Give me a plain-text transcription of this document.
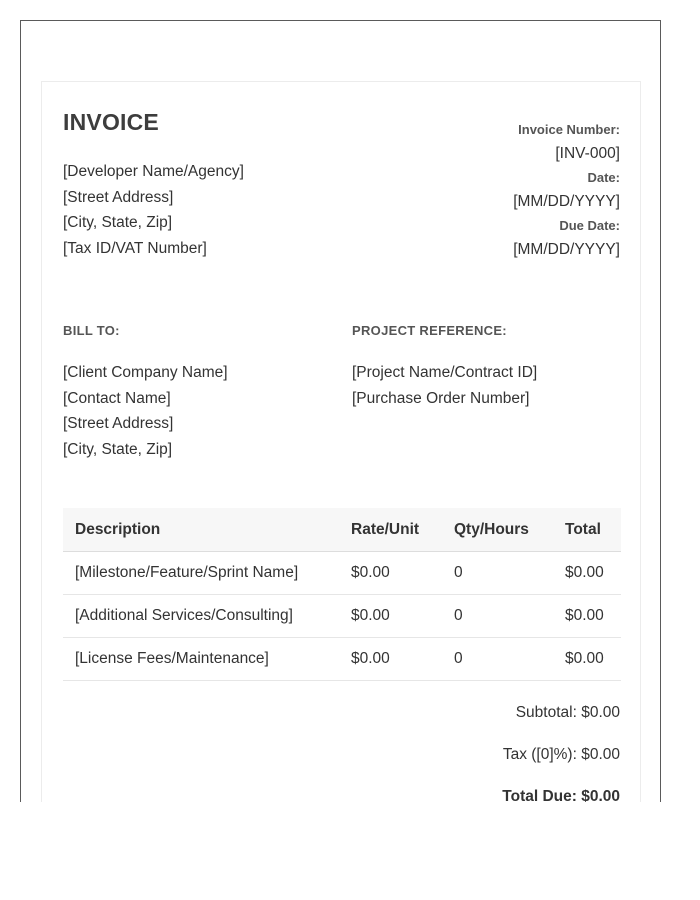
INVOICE
[Developer Name/Agency]
[Street Address]
[City, State, Zip]
[Tax ID/VAT Number]
Invoice Number:
[INV-000]
Date:
[MM/DD/YYYY]
Due Date:
[MM/DD/YYYY]
BILL TO:
[Client Company Name]
[Contact Name]
[Street Address]
[City, State, Zip]
PROJECT REFERENCE:
[Project Name/Contract ID]
[Purchase Order Number]
Description	Rate/Unit	Qty/Hours	Total
[Milestone/Feature/Sprint Name]	$0.00	0	$0.00
[Additional Services/Consulting]	$0.00	0	$0.00
[License Fees/Maintenance]	$0.00	0	$0.00
Subtotal: $0.00
Tax ([0]%): $0.00
Total Due: $0.00
